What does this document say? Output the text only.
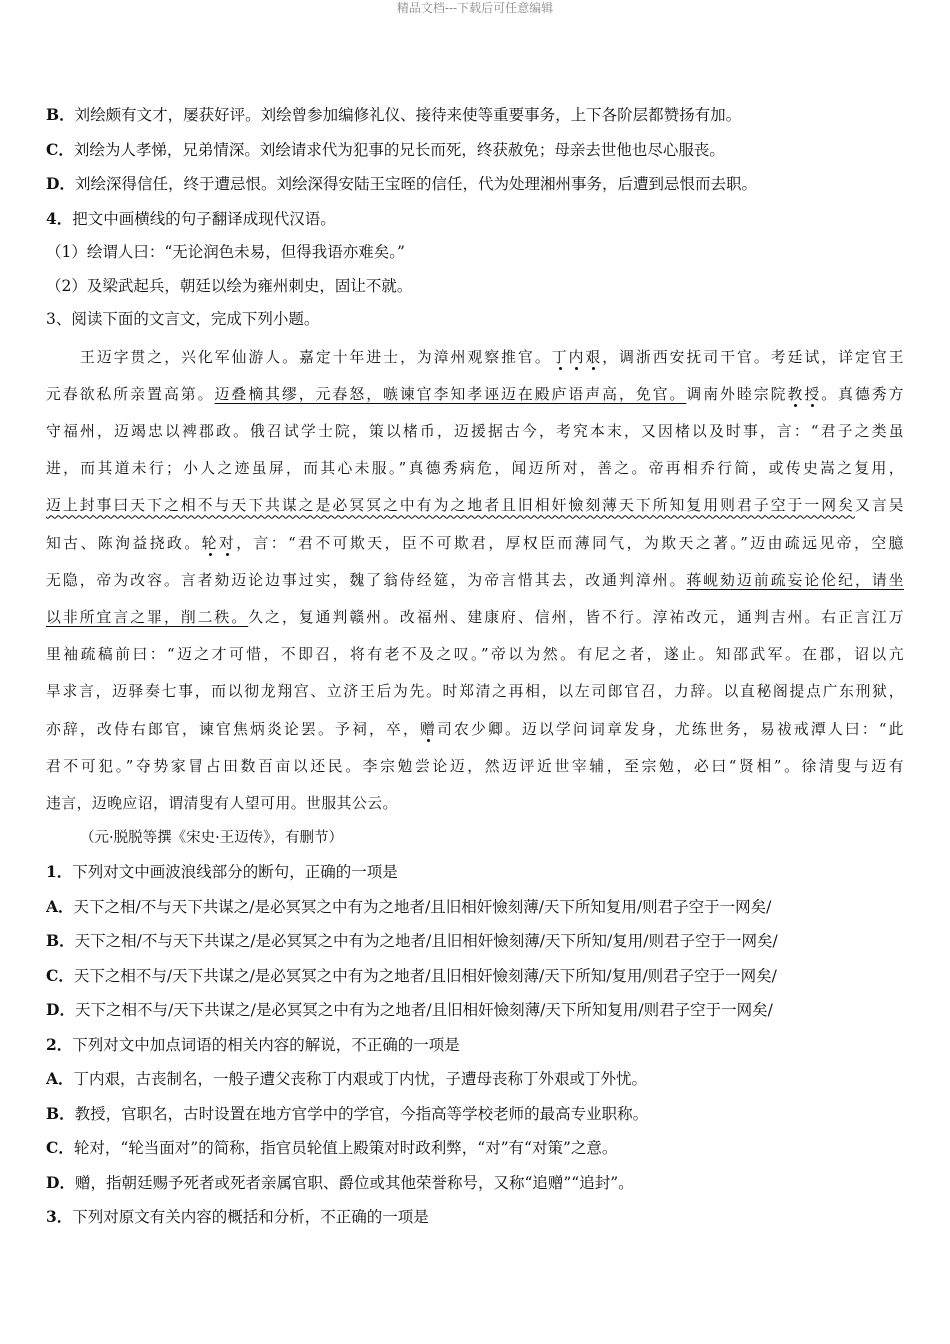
精品文档---下载后可任意编辑
B．刘绘颇有文才，屡获好评。刘绘曾参加编修礼仪、接待来使等重要事务，上下各阶层都赞扬有加。
C．刘绘为人孝悌，兄弟情深。刘绘请求代为犯事的兄长而死，终获赦免；母亲去世他也尽心服丧。
D．刘绘深得信任，终于遭忌恨。刘绘深得安陆王宝晊的信任，代为处理湘州事务，后遭到忌恨而去职。
4．把文中画横线的句子翻译成现代汉语。
（1）绘谓人曰：“无论润色未易，但得我语亦难矣。”
（2）及梁武起兵，朝廷以绘为雍州刺史，固让不就。
3、阅读下面的文言文，完成下列小题。
王迈字贯之，兴化军仙游人。嘉定十年进士，为漳州观察推官。丁内艰，调浙西安抚司干官。考廷试，详定官王
元春欲私所亲置高第。迈叠樀其缪，元春怒，嗾谏官李知孝诬迈在殿庐语声高，免官。调南外睦宗院教授。真德秀方
守福州，迈竭忠以裨郡政。俄召试学士院，策以楮币，迈援据古今，考究本末，又因楮以及时事，言：“君子之类虽
进，而其道未行；小人之迹虽屏，而其心未服。”真德秀病危，闻迈所对，善之。帝再相乔行简，或传史嵩之复用，
迈上封事曰天下之相不与天下共谋之是必冥冥之中有为之地者且旧相奸憸刻薄天下所知复用则君子空于一网矣又言吴
知古、陈洵益挠政。轮对，言：“君不可欺天，臣不可欺君，厚权臣而薄同气，为欺天之著。”迈由疏远见帝，空臆
无隐，帝为改容。言者劾迈论边事过实，魏了翁侍经筵，为帝言惜其去，改通判漳州。蒋岘劾迈前疏妄论伦纪，请坐
以非所宜言之罪，削二秩。久之，复通判赣州。改福州、建康府、信州，皆不行。淳祐改元，通判吉州。右正言江万
里袖疏稿前曰：“迈之才可惜，不即召，将有老不及之叹。”帝以为然。有尼之者，遂止。知邵武军。在郡，诏以亢
旱求言，迈驿奏七事，而以彻龙翔宫、立济王后为先。时郑清之再相，以左司郎官召，力辞。以直秘阁提点广东刑狱，
亦辞，改侍右郎官，谏官焦炳炎论罢。予祠，卒，赠司农少卿。迈以学问词章发身，尤练世务，易祓戒潭人曰：“此
君不可犯。”夺势家冒占田数百亩以还民。李宗勉尝论迈，然迈评近世宰辅，至宗勉，必曰“贤相”。徐清叟与迈有
违言，迈晚应诏，谓清叟有人望可用。世服其公云。
（元·脱脱等撰《宋史·王迈传》，有删节）
1．下列对文中画波浪线部分的断句，正确的一项是
A．天下之相/不与天下共谋之/是必冥冥之中有为之地者/且旧相奸憸刻薄/天下所知复用/则君子空于一网矣/
B．天下之相/不与天下共谋之/是必冥冥之中有为之地者/且旧相奸憸刻薄/天下所知/复用/则君子空于一网矣/
C．天下之相不与/天下共谋之/是必冥冥之中有为之地者/且旧相奸憸刻薄/天下所知/复用/则君子空于一网矣/
D．天下之相不与/天下共谋之/是必冥冥之中有为之地者/且旧相奸憸刻薄/天下所知复用/则君子空于一网矣/
2．下列对文中加点词语的相关内容的解说，不正确的一项是
A．丁内艰，古丧制名，一般子遭父丧称丁内艰或丁内忧，子遭母丧称丁外艰或丁外忧。
B．教授，官职名，古时设置在地方官学中的学官，今指高等学校老师的最高专业职称。
C．轮对，“轮当面对”的简称，指官员轮值上殿策对时政利弊，“对”有“对策”之意。
D．赠，指朝廷赐予死者或死者亲属官职、爵位或其他荣誉称号，又称“追赠”“追封”。
3．下列对原文有关内容的概括和分析，不正确的一项是
